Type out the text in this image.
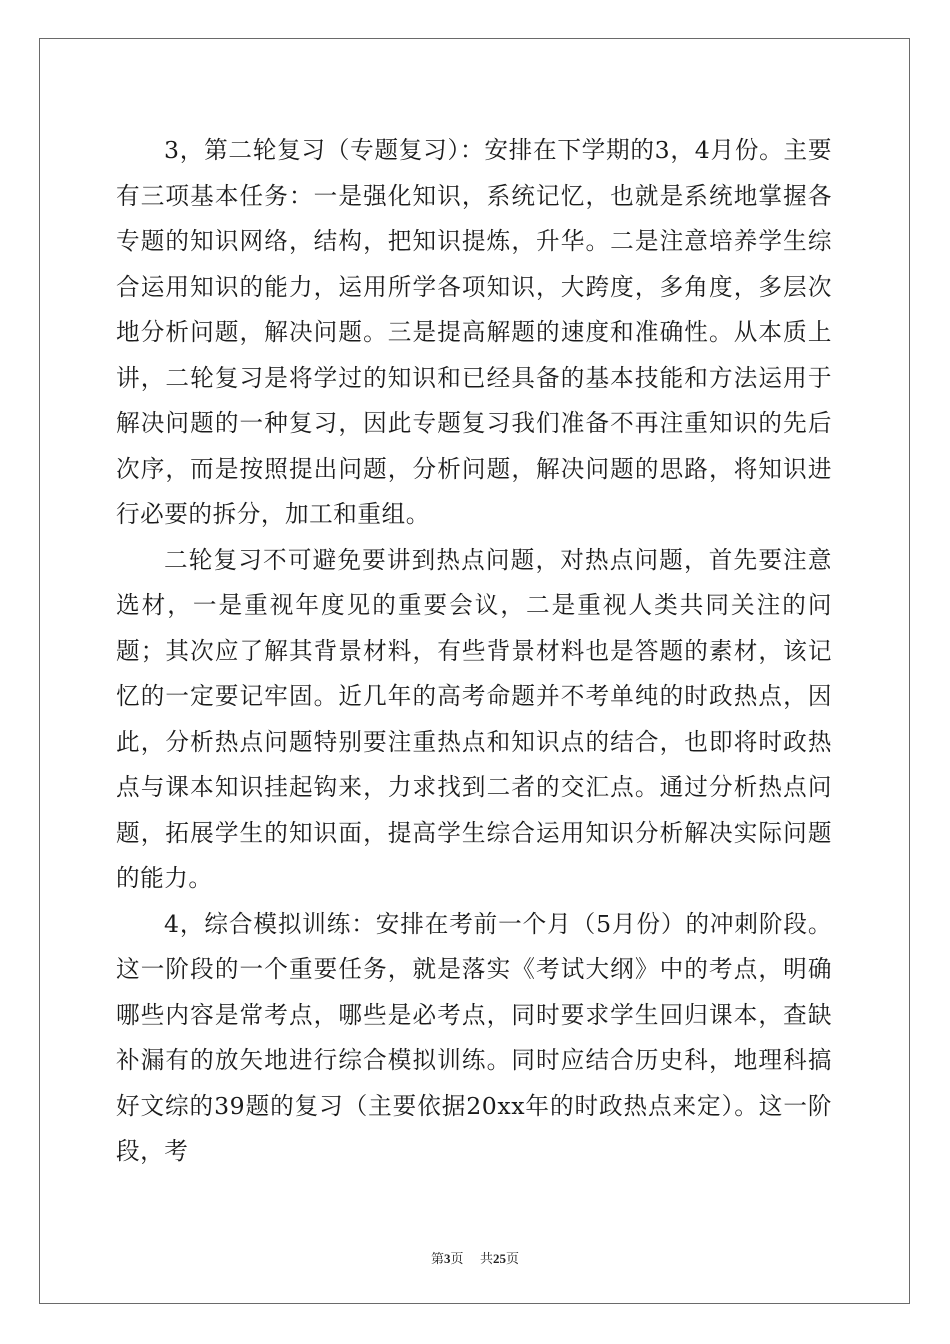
3，第二轮复习（专题复习）：安排在下学期的3，4月份。主要有三项基本任务：一是强化知识，系统记忆，也就是系统地掌握各专题的知识网络，结构，把知识提炼，升华。二是注意培养学生综合运用知识的能力，运用所学各项知识，大跨度，多角度，多层次地分析问题，解决问题。三是提高解题的速度和准确性。从本质上讲，二轮复习是将学过的知识和已经具备的基本技能和方法运用于解决问题的一种复习，因此专题复习我们准备不再注重知识的先后次序，而是按照提出问题，分析问题，解决问题的思路，将知识进行必要的拆分，加工和重组。

二轮复习不可避免要讲到热点问题，对热点问题，首先要注意选材，一是重视年度见的重要会议，二是重视人类共同关注的问题；其次应了解其背景材料，有些背景材料也是答题的素材，该记忆的一定要记牢固。近几年的高考命题并不考单纯的时政热点，因此，分析热点问题特别要注重热点和知识点的结合，也即将时政热点与课本知识挂起钩来，力求找到二者的交汇点。通过分析热点问题，拓展学生的知识面，提高学生综合运用知识分析解决实际问题的能力。

4，综合模拟训练：安排在考前一个月（5月份）的冲刺阶段。这一阶段的一个重要任务，就是落实《考试大纲》中的考点，明确哪些内容是常考点，哪些是必考点，同时要求学生回归课本，查缺补漏有的放矢地进行综合模拟训练。同时应结合历史科，地理科搞好文综的39题的复习（主要依据20xx年的时政热点来定）。这一阶段，考

第3页 共25页
